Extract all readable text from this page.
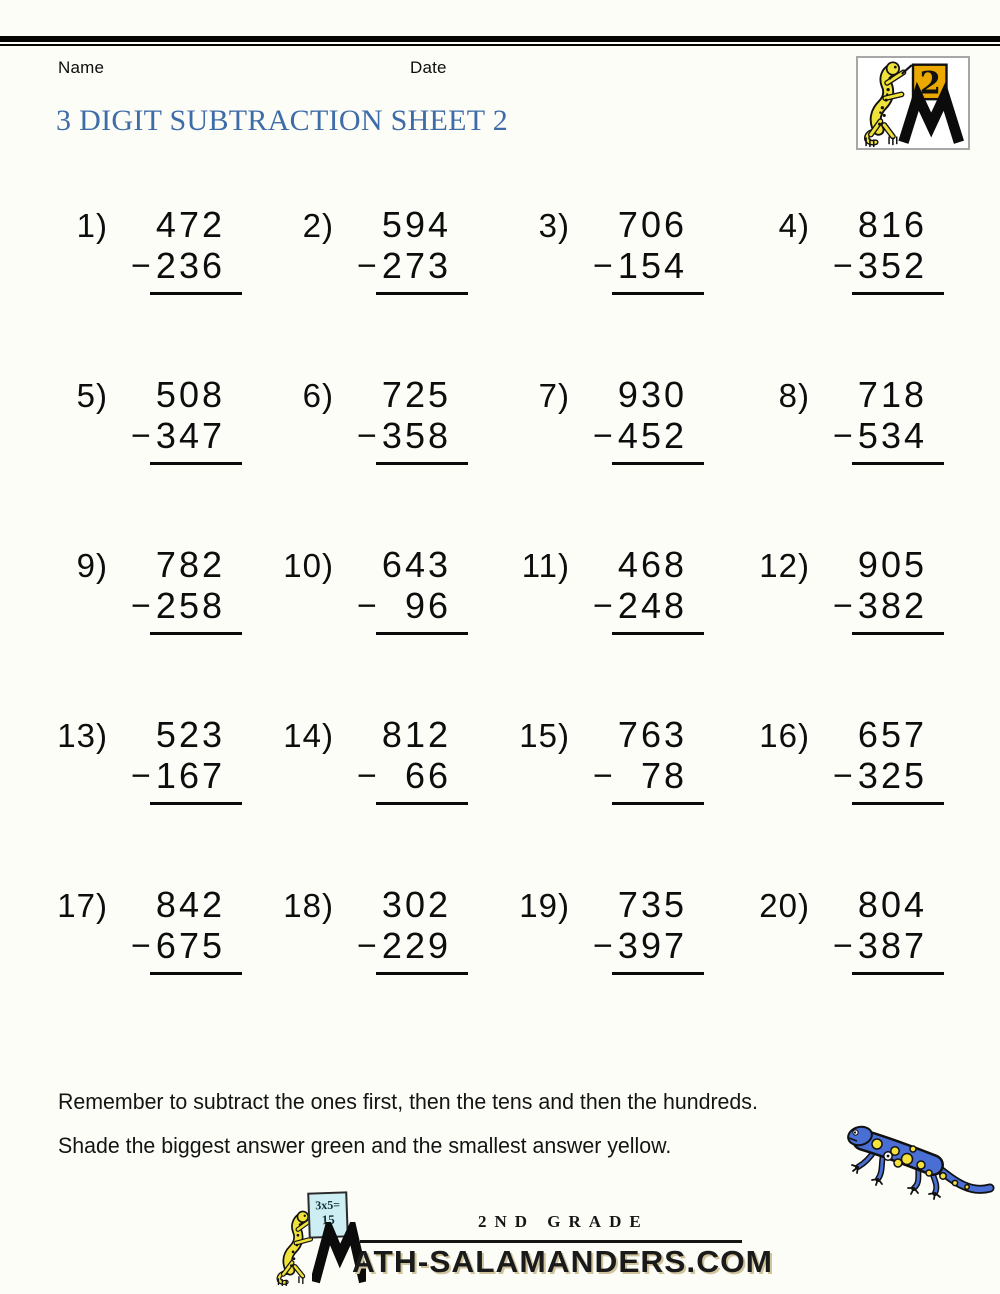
Name	Date	2
3 DIGIT SUBTRACTION SHEET 2
1)	472
− 236
2)	594
− 273
3)	706
− 154
4)	816
− 352
5)	508
− 347
6)	725
− 358
7)	930
− 452
8)	718
− 534
9)	782
− 258
10)	643
− 96
11)	468
− 248
12)	905
− 382
13)	523
− 167
14)	812
− 66
15)	763
− 78
16)	657
− 325
17)	842
− 675
18)	302
− 229
19)	735
− 397
20)	804
− 387

Remember to subtract the ones first, then the tens and then the hundreds.

Shade the biggest answer green and the smallest answer yellow.

3x5=
15	2ND GRADE
ATH-SALAMANDERS.COM
